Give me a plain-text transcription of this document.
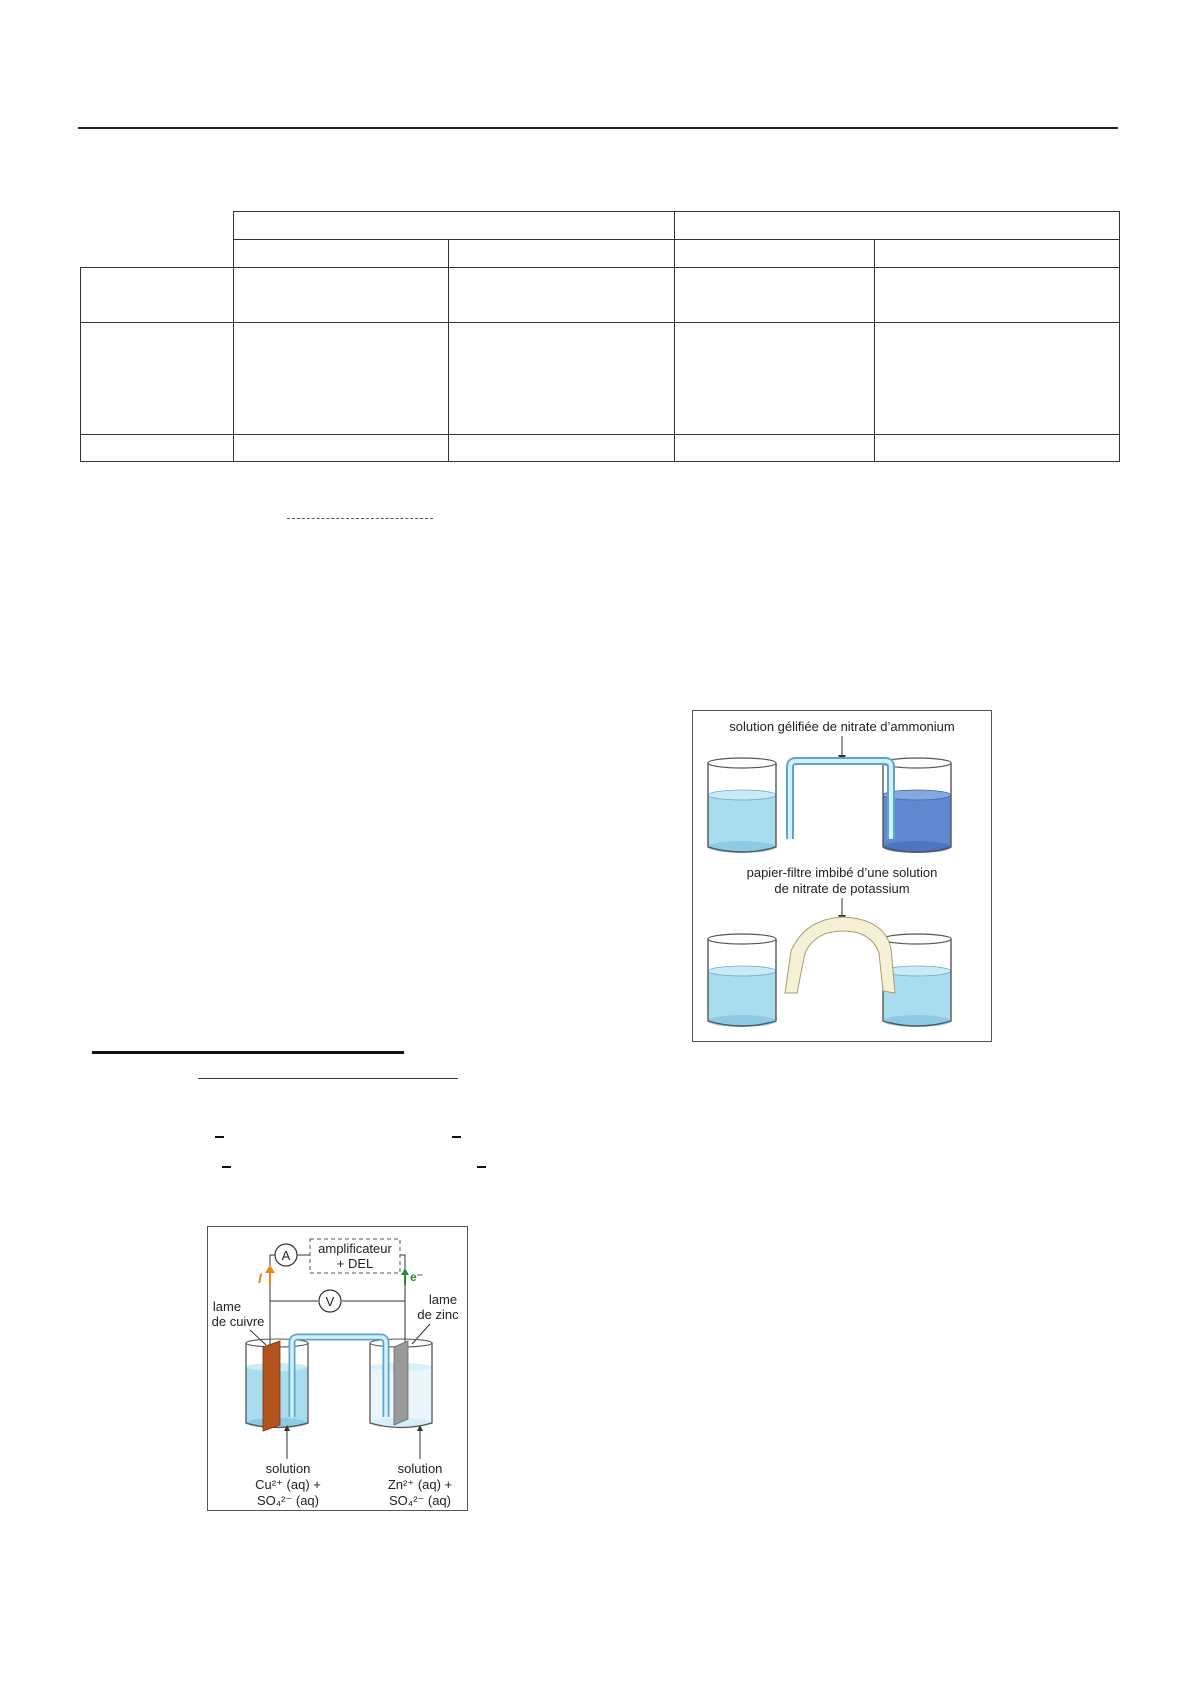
solution gélifiée de nitrate d’ammonium
papier-filtre imbibé d’une solution
de nitrate de potassium
A amplificateur
+ DEL
I	e⁻
V
lame
de cuivre
lame
de zinc
solution
Cu²⁺ (aq) +
SO₄²⁻ (aq)
solution
Zn²⁺ (aq) +
SO₄²⁻ (aq)
